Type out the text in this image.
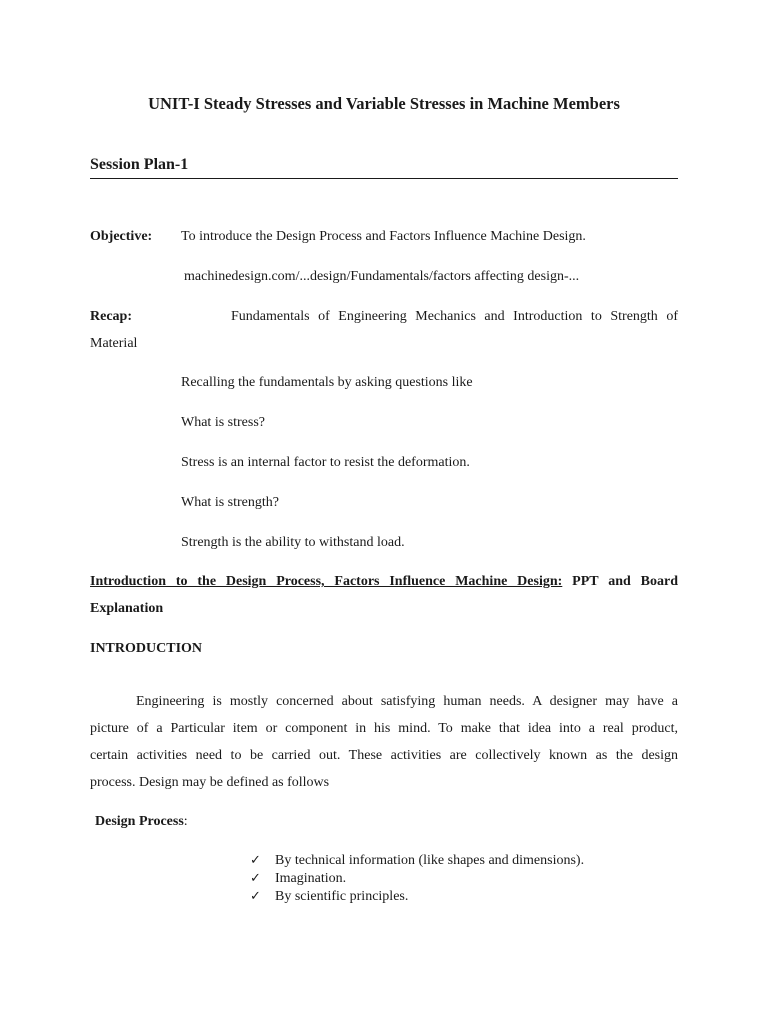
UNIT-I Steady Stresses and Variable Stresses in Machine Members
Session Plan-1
Objective: To introduce the Design Process and Factors Influence Machine Design.
machinedesign.com/...design/Fundamentals/factors affecting design-...
Recap:	Fundamentals of Engineering Mechanics and Introduction to Strength of
Material
Recalling the fundamentals by asking questions like
What is stress?
Stress is an internal factor to resist the deformation.
What is strength?
Strength is the ability to withstand load.
Introduction to the Design Process, Factors Influence Machine Design: PPT and Board
Explanation
INTRODUCTION
Engineering is mostly concerned about satisfying human needs. A designer may have a
picture of a Particular item or component in his mind. To make that idea into a real product,
certain activities need to be carried out. These activities are collectively known as the design
process. Design may be defined as follows
Design Process:
✓ By technical information (like shapes and dimensions).
✓ Imagination.
✓ By scientific principles.
